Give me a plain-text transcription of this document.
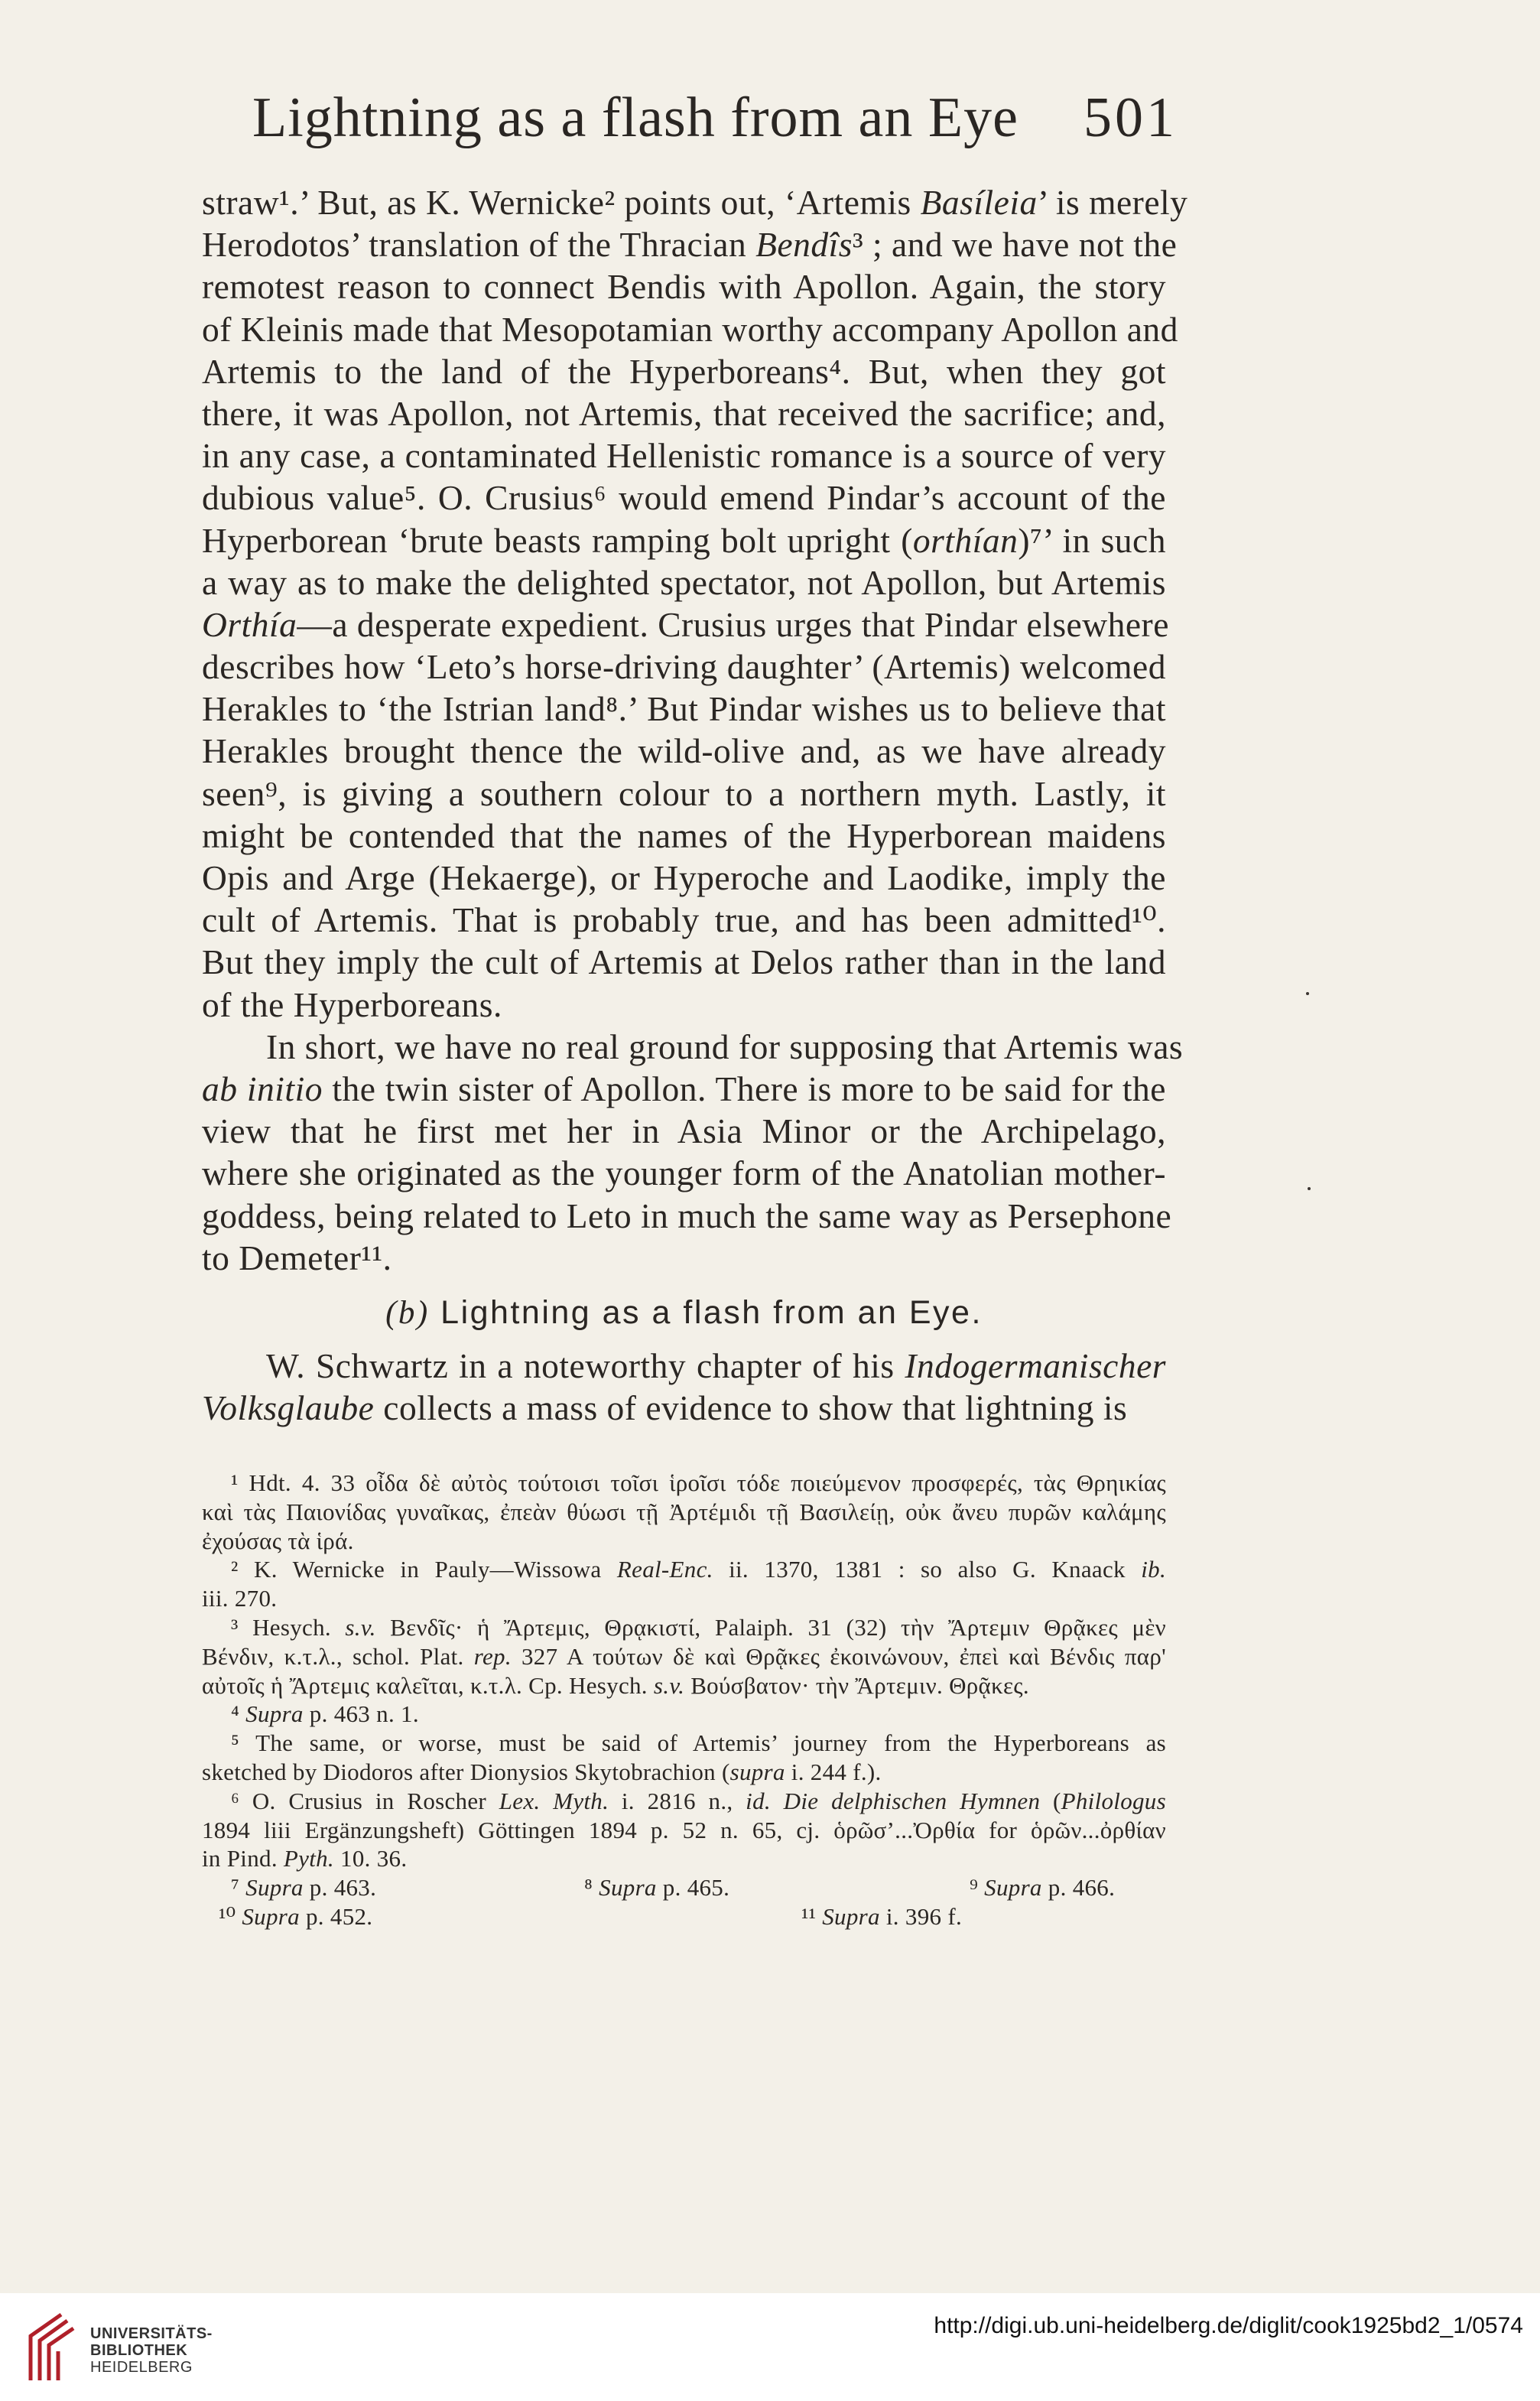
Lightning as a flash from an Eye 501
straw¹.’ But, as K. Wernicke² points out, ‘Artemis Basíleia’ is merely
Herodotos’ translation of the Thracian Bendîs³ ; and we have not the
remotest reason to connect Bendis with Apollon. Again, the story
of Kleinis made that Mesopotamian worthy accompany Apollon and
Artemis to the land of the Hyperboreans⁴. But, when they got
there, it was Apollon, not Artemis, that received the sacrifice; and,
in any case, a contaminated Hellenistic romance is a source of very
dubious value⁵. O. Crusius⁶ would emend Pindar’s account of the
Hyperborean ‘brute beasts ramping bolt upright (orthían)⁷’ in such
a way as to make the delighted spectator, not Apollon, but Artemis
Orthía—a desperate expedient. Crusius urges that Pindar elsewhere
describes how ‘Leto’s horse-driving daughter’ (Artemis) welcomed
Herakles to ‘the Istrian land⁸.’ But Pindar wishes us to believe that
Herakles brought thence the wild-olive and, as we have already
seen⁹, is giving a southern colour to a northern myth. Lastly, it
might be contended that the names of the Hyperborean maidens
Opis and Arge (Hekaerge), or Hyperoche and Laodike, imply the
cult of Artemis. That is probably true, and has been admitted¹⁰.
But they imply the cult of Artemis at Delos rather than in the land
of the Hyperboreans.
In short, we have no real ground for supposing that Artemis was
ab initio the twin sister of Apollon. There is more to be said for the
view that he first met her in Asia Minor or the Archipelago,
where she originated as the younger form of the Anatolian mother-
goddess, being related to Leto in much the same way as Persephone
to Demeter¹¹.
(b) Lightning as a flash from an Eye.
W. Schwartz in a noteworthy chapter of his Indogermanischer
Volksglaube collects a mass of evidence to show that lightning is
¹ Hdt. 4. 33 οἶδα δὲ αὐτὸς τούτοισι τοῖσι ἱροῖσι τόδε ποιεύμενον προσφερές, τὰς Θρηικίας
καὶ τὰς Παιονίδας γυναῖκας, ἐπεὰν θύωσι τῇ Ἀρτέμιδι τῇ Βασιλείῃ, οὐκ ἄνευ πυρῶν καλάμης
ἐχούσας τὰ ἱρά.
² K. Wernicke in Pauly—Wissowa Real-Enc. ii. 1370, 1381 : so also G. Knaack ib.
iii. 270.
³ Hesych. s.v. Βενδῖς· ἡ Ἄρτεμις, Θρᾳκιστί, Palaiph. 31 (32) τὴν Ἄρτεμιν Θρᾷκες μὲν
Βένδιν, κ.τ.λ., schol. Plat. rep. 327 A τούτων δὲ καὶ Θρᾷκες ἐκοινώνουν, ἐπεὶ καὶ Βένδις παρ'
αὐτοῖς ἡ Ἄρτεμις καλεῖται, κ.τ.λ. Cp. Hesych. s.v. Βούσβατον· τὴν Ἄρτεμιν. Θρᾷκες.
⁴ Supra p. 463 n. 1.
⁵ The same, or worse, must be said of Artemis’ journey from the Hyperboreans as
sketched by Diodoros after Dionysios Skytobrachion (supra i. 244 f.).
⁶ O. Crusius in Roscher Lex. Myth. i. 2816 n., id. Die delphischen Hymnen (Philologus
1894 liii Ergänzungsheft) Göttingen 1894 p. 52 n. 65, cj. ὁρῶσ’...Ὀρθία for ὁρῶν...ὀρθίαν
in Pind. Pyth. 10. 36.
⁷ Supra p. 463.	⁸ Supra p. 465.	⁹ Supra p. 466.
¹⁰ Supra p. 452.	¹¹ Supra i. 396 f.
UNIVERSITÄTS-
BIBLIOTHEK
HEIDELBERG
http://digi.ub.uni-heidelberg.de/diglit/cook1925bd2_1/0574
